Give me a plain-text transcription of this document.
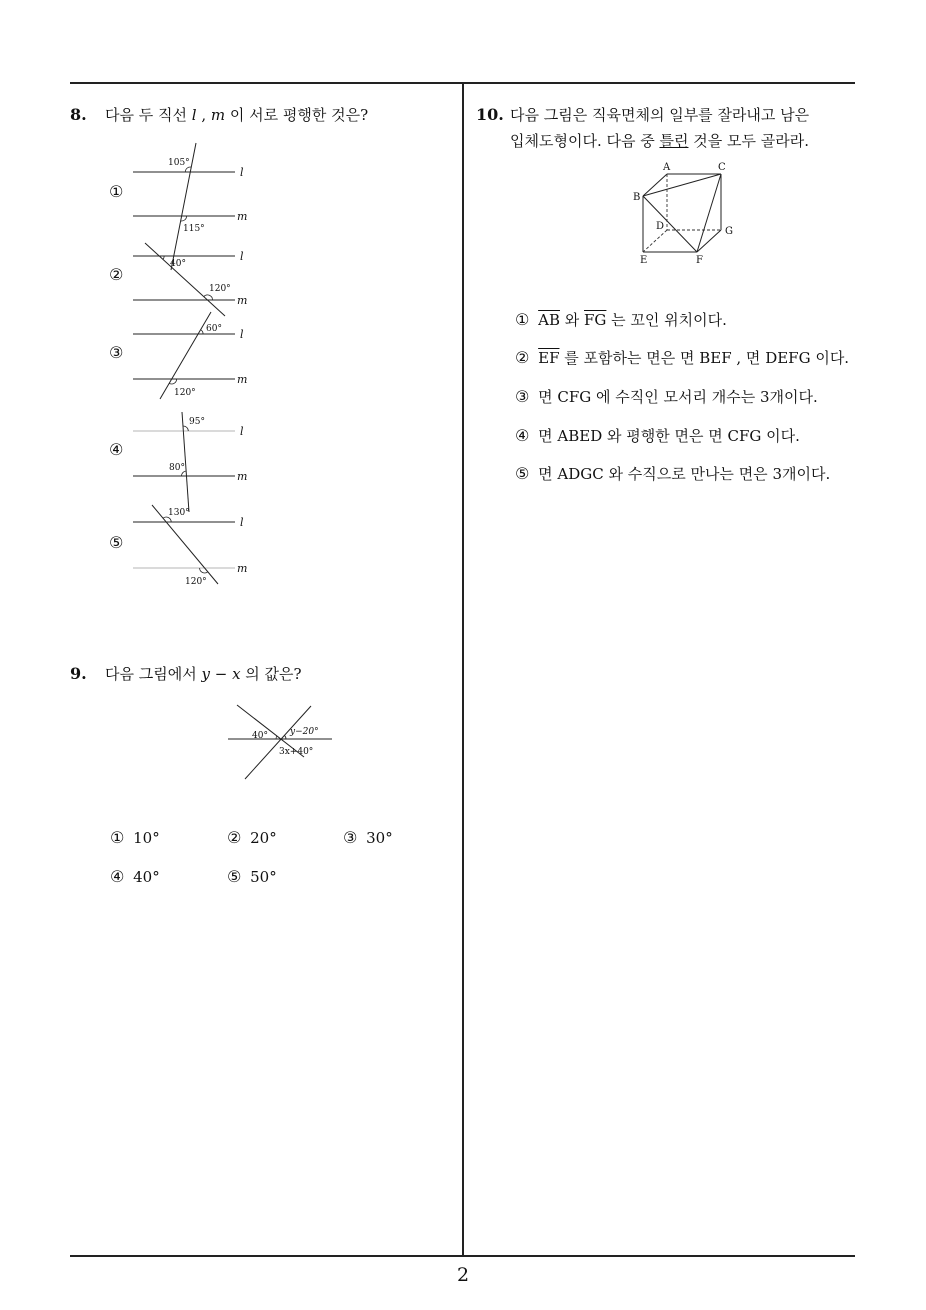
8. 다음 두 직선 l , m 이 서로 평행한 것은?
①
②
③
④
⑤
l
m
105°
115°
l
m
40°
120°
l
m
60°
120°
l
m
95°
80°
l
m
130°
120°
9. 다음 그림에서 y − x 의 값은?
40° y−20°
3x+40°
① 10°	② 20°	③ 30°
④ 40°	⑤ 50°
10. 다음 그림은 직육면체의 일부를 잘라내고 남은
입체도형이다. 다음 중 틀린 것을 모두 골라라.
A
B
C
D
E	F
G
① $\overline{AB}$ 와 $\overline{FG}$ 는 꼬인 위치이다.
② $\overline{EF}$ 를 포함하는 면은 면 BEF , 면 DEFG 이다.
③ 면 CFG 에 수직인 모서리 개수는 3개이다.
④ 면 ABED 와 평행한 면은 면 CFG 이다.
⑤ 면 ADGC 와 수직으로 만나는 면은 3개이다.
2
